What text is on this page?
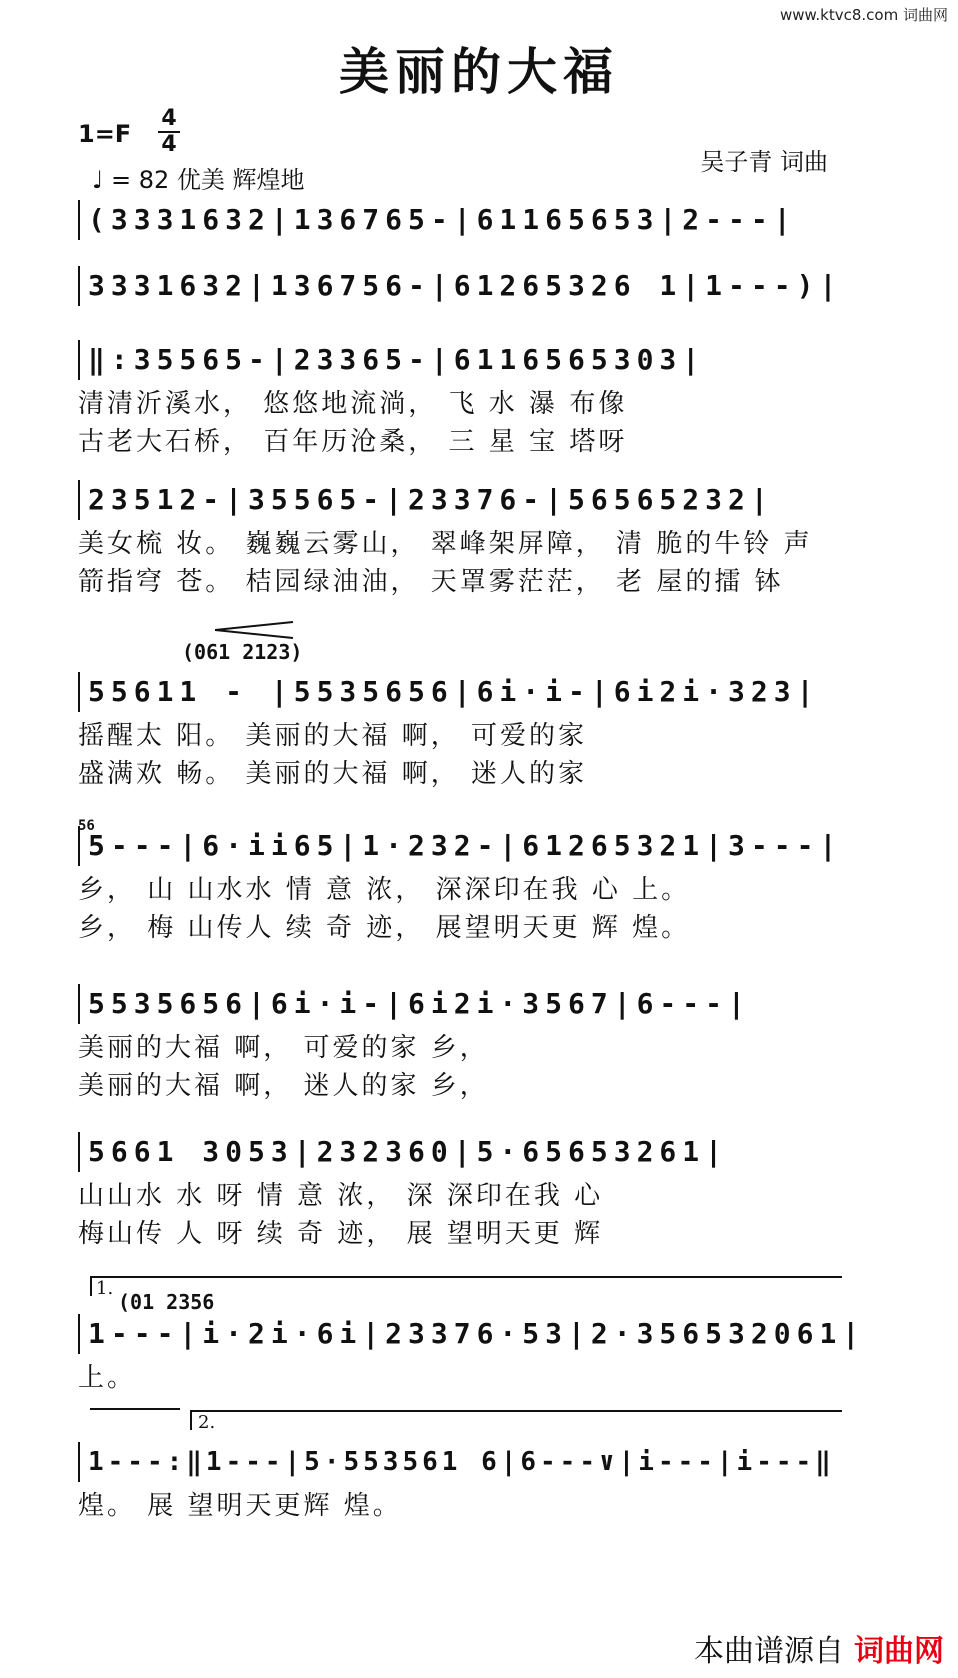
www.ktvc8.com 词曲网
美丽的大福
1=F
4
4
♩ = 82 优美 辉煌地
吴子青 词曲
(3331632|136765-|61165653|2---|
3331632|136756-|61265326 1|1---)|
‖:35565-|23365-|6116565303|
清清沂溪水， 悠悠地流淌， 飞 水 瀑 布像
古老大石桥， 百年历沧桑， 三 星 宝 塔呀
23512-|35565-|23376-|56565232|
美女梳 妆。 巍巍云雾山， 翠峰架屏障， 清 脆的牛铃 声
箭指穹 苍。 桔园绿油油， 天罩雾茫茫， 老 屋的擂 钵
(061 2123)
55611 - |5535656|6i·i-|6i2i·323|
摇醒太 阳。 美丽的大福 啊， 可爱的家
盛满欢 畅。 美丽的大福 啊， 迷人的家
56
5---|6·ii65|1·232-|61265321|3---|
乡， 山 山水水 情 意 浓， 深深印在我 心 上。
乡， 梅 山传人 续 奇 迹， 展望明天更 辉 煌。
5535656|6i·i-|6i2i·3567|6---|
美丽的大福 啊， 可爱的家 乡，
美丽的大福 啊， 迷人的家 乡，
5661 3053|232360|5·65653261|
山山水 水 呀 情 意 浓， 深 深印在我 心
梅山传 人 呀 续 奇 迹， 展 望明天更 辉
1.
(01 2356
1---|i·2i·6i|23376·53|2·356532061|
上。
2.
1---:‖1---|5·553561 6|6---∨|i---|i---‖
煌。 展 望明天更辉 煌。
本曲谱源自 词曲网
